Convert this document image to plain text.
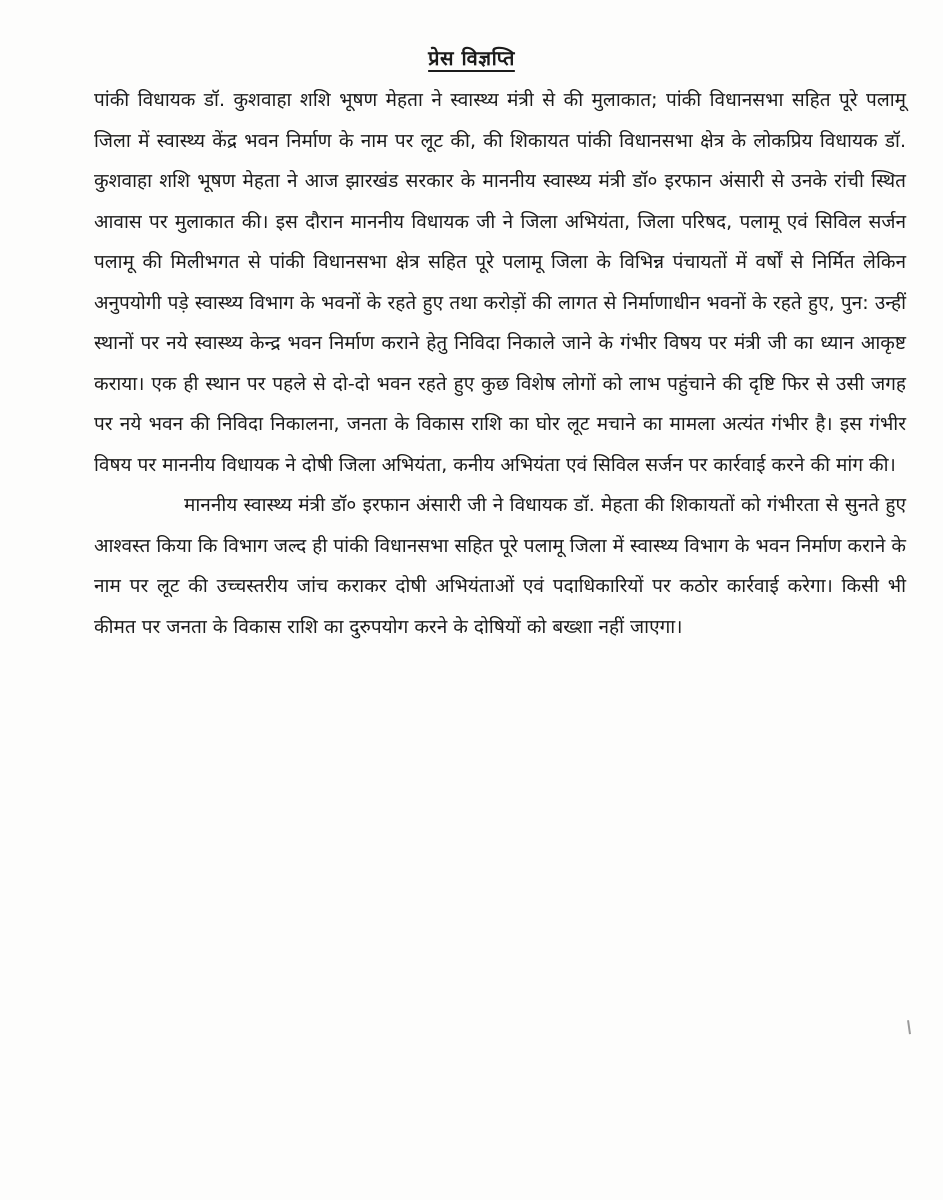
प्रेस विज्ञप्ति

पांकी विधायक डॉ. कुशवाहा शशि भूषण मेहता ने स्वास्थ्य मंत्री से की मुलाकात; पांकी विधानसभा सहित पूरे पलामू जिला में स्वास्थ्य केंद्र भवन निर्माण के नाम पर लूट की, की शिकायत पांकी विधानसभा क्षेत्र के लोकप्रिय विधायक डॉ. कुशवाहा शशि भूषण मेहता ने आज झारखंड सरकार के माननीय स्वास्थ्य मंत्री डॉ० इरफान अंसारी से उनके रांची स्थित आवास पर मुलाकात की। इस दौरान माननीय विधायक जी ने जिला अभियंता, जिला परिषद, पलामू एवं सिविल सर्जन पलामू की मिलीभगत से पांकी विधानसभा क्षेत्र सहित पूरे पलामू जिला के विभिन्न पंचायतों में वर्षों से निर्मित लेकिन अनुपयोगी पड़े स्वास्थ्य विभाग के भवनों के रहते हुए तथा करोड़ों की लागत से निर्माणाधीन भवनों के रहते हुए, पुन: उन्हीं स्थानों पर नये स्वास्थ्य केन्द्र भवन निर्माण कराने हेतु निविदा निकाले जाने के गंभीर विषय पर मंत्री जी का ध्यान आकृष्ट कराया। एक ही स्थान पर पहले से दो-दो भवन रहते हुए कुछ विशेष लोगों को लाभ पहुंचाने की दृष्टि फिर से उसी जगह पर नये भवन की निविदा निकालना, जनता के विकास राशि का घोर लूट मचाने का मामला अत्यंत गंभीर है। इस गंभीर विषय पर माननीय विधायक ने दोषी जिला अभियंता, कनीय अभियंता एवं सिविल सर्जन पर कार्रवाई करने की मांग की।

माननीय स्वास्थ्य मंत्री डॉ० इरफान अंसारी जी ने विधायक डॉ. मेहता की शिकायतों को गंभीरता से सुनते हुए आश्वस्त किया कि विभाग जल्द ही पांकी विधानसभा सहित पूरे पलामू जिला में स्वास्थ्य विभाग के भवन निर्माण कराने के नाम पर लूट की उच्चस्तरीय जांच कराकर दोषी अभियंताओं एवं पदाधिकारियों पर कठोर कार्रवाई करेगा। किसी भी कीमत पर जनता के विकास राशि का दुरुपयोग करने के दोषियों को बख्शा नहीं जाएगा।
